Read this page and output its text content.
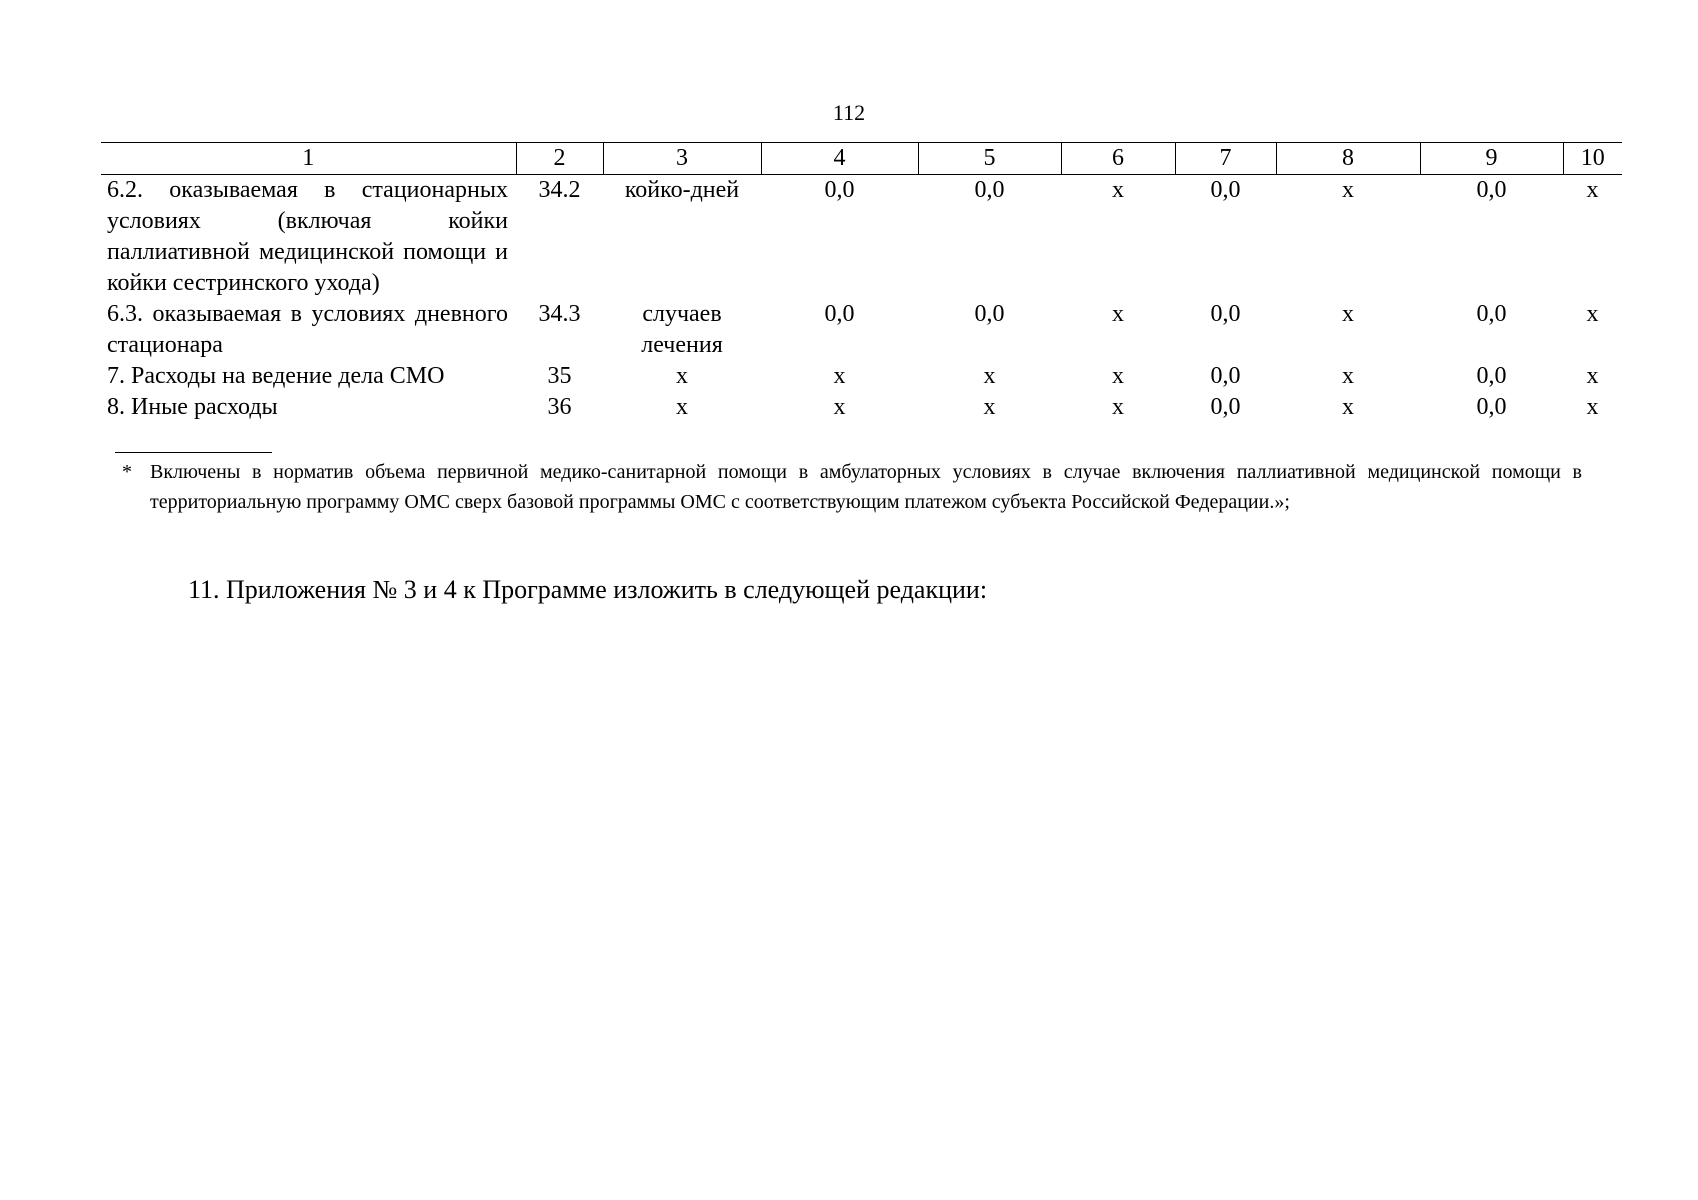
112
1	2	3	4	5	6	7	8	9	10
6.2. оказываемая в стационарных условиях (включая койки паллиативной медицинской помощи и койки сестринского ухода)	34.2	койко-дней	0,0	0,0	х	0,0	х	0,0	х
6.3. оказываемая в условиях дневного стационара	34.3	случаев лечения	0,0	0,0	х	0,0	х	0,0	х
7. Расходы на ведение дела СМО	35	х	х	х	х	0,0	х	0,0	х
8. Иные расходы	36	х	х	х	х	0,0	х	0,0	х
* Включены в норматив объема первичной медико-санитарной помощи в амбулаторных условиях в случае включения паллиативной медицинской помощи в территориальную программу ОМС сверх базовой программы ОМС с соответствующим платежом субъекта Российской Федерации.»;
11. Приложения № 3 и 4 к Программе изложить в следующей редакции:
